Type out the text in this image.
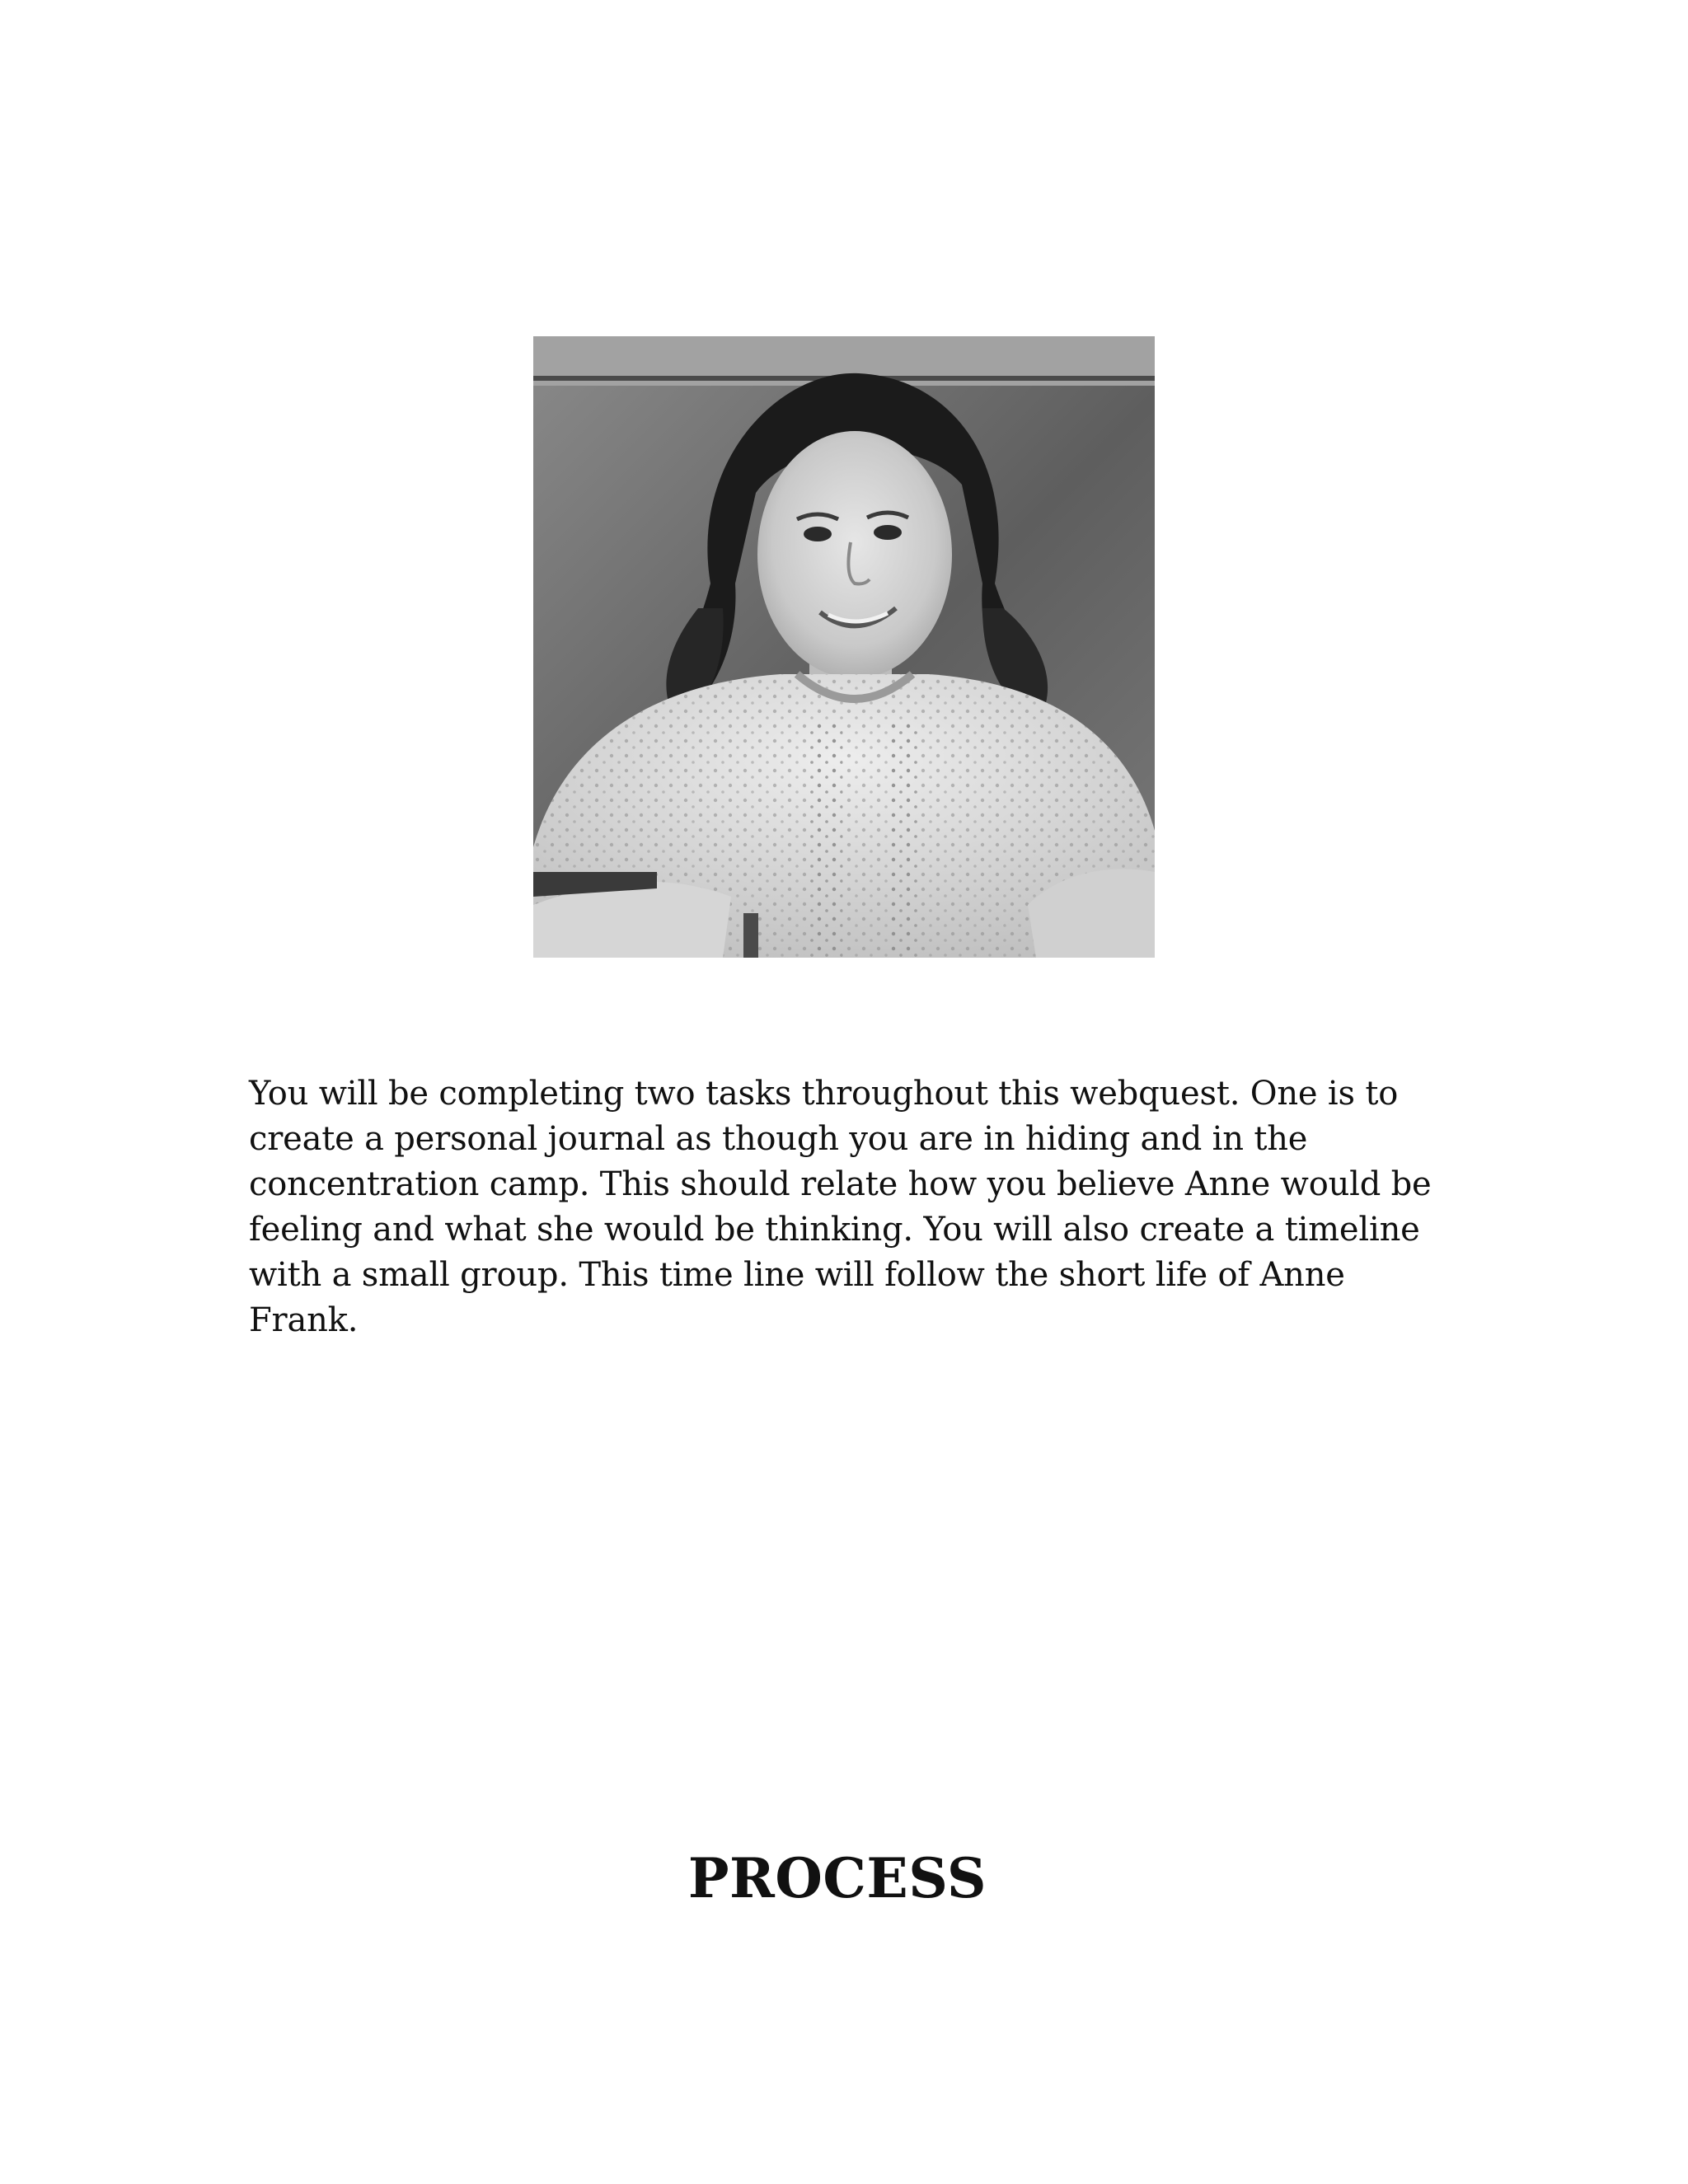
You will be completing two tasks throughout this webquest. One is to create a personal journal as though you are in hiding and in the concentration camp. This should relate how you believe Anne would be feeling and what she would be thinking. You will also create a timeline with a small group. This time line will follow the short life of Anne Frank.

PROCESS
